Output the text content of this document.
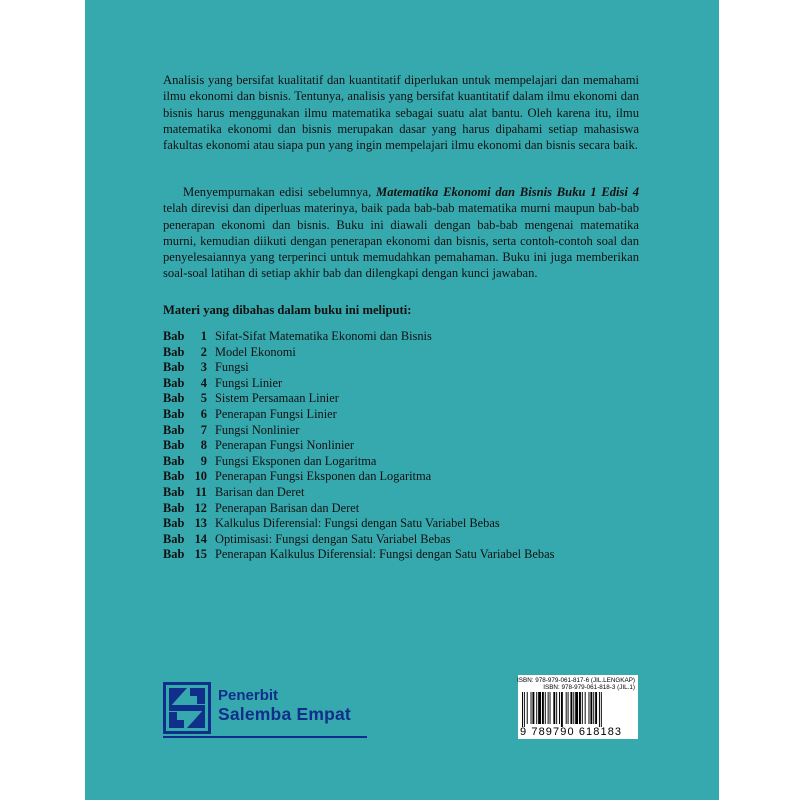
Analisis yang bersifat kualitatif dan kuantitatif diperlukan untuk mempelajari dan memahami ilmu ekonomi dan bisnis. Tentunya, analisis yang bersifat kuantitatif dalam ilmu ekonomi dan bisnis harus menggunakan ilmu matematika sebagai suatu alat bantu. Oleh karena itu, ilmu matematika ekonomi dan bisnis merupakan dasar yang harus dipahami setiap mahasiswa fakultas ekonomi atau siapa pun yang ingin mempelajari ilmu ekonomi dan bisnis secara baik.

Menyempurnakan edisi sebelumnya, Matematika Ekonomi dan Bisnis Buku 1 Edisi 4 telah direvisi dan diperluas materinya, baik pada bab-bab matematika murni maupun bab-bab penerapan ekonomi dan bisnis. Buku ini diawali dengan bab-bab mengenai matematika murni, kemudian diikuti dengan penerapan ekonomi dan bisnis, serta contoh-contoh soal dan penyelesaiannya yang terperinci untuk memudahkan pemahaman. Buku ini juga memberikan soal-soal latihan di setiap akhir bab dan dilengkapi dengan kunci jawaban.

Materi yang dibahas dalam buku ini meliputi:

Bab 1 Sifat-Sifat Matematika Ekonomi dan Bisnis
Bab 2 Model Ekonomi
Bab 3 Fungsi
Bab 4 Fungsi Linier
Bab 5 Sistem Persamaan Linier
Bab 6 Penerapan Fungsi Linier
Bab 7 Fungsi Nonlinier
Bab 8 Penerapan Fungsi Nonlinier
Bab 9 Fungsi Eksponen dan Logaritma
Bab 10 Penerapan Fungsi Eksponen dan Logaritma
Bab 11 Barisan dan Deret
Bab 12 Penerapan Barisan dan Deret
Bab 13 Kalkulus Diferensial: Fungsi dengan Satu Variabel Bebas
Bab 14 Optimisasi: Fungsi dengan Satu Variabel Bebas
Bab 15 Penerapan Kalkulus Diferensial: Fungsi dengan Satu Variabel Bebas
Penerbit
Salemba Empat
ISBN: 978-979-061-817-6 (JIL.LENGKAP)
ISBN: 978-979-061-818-3 (JIL.1)
9 789790 618183
